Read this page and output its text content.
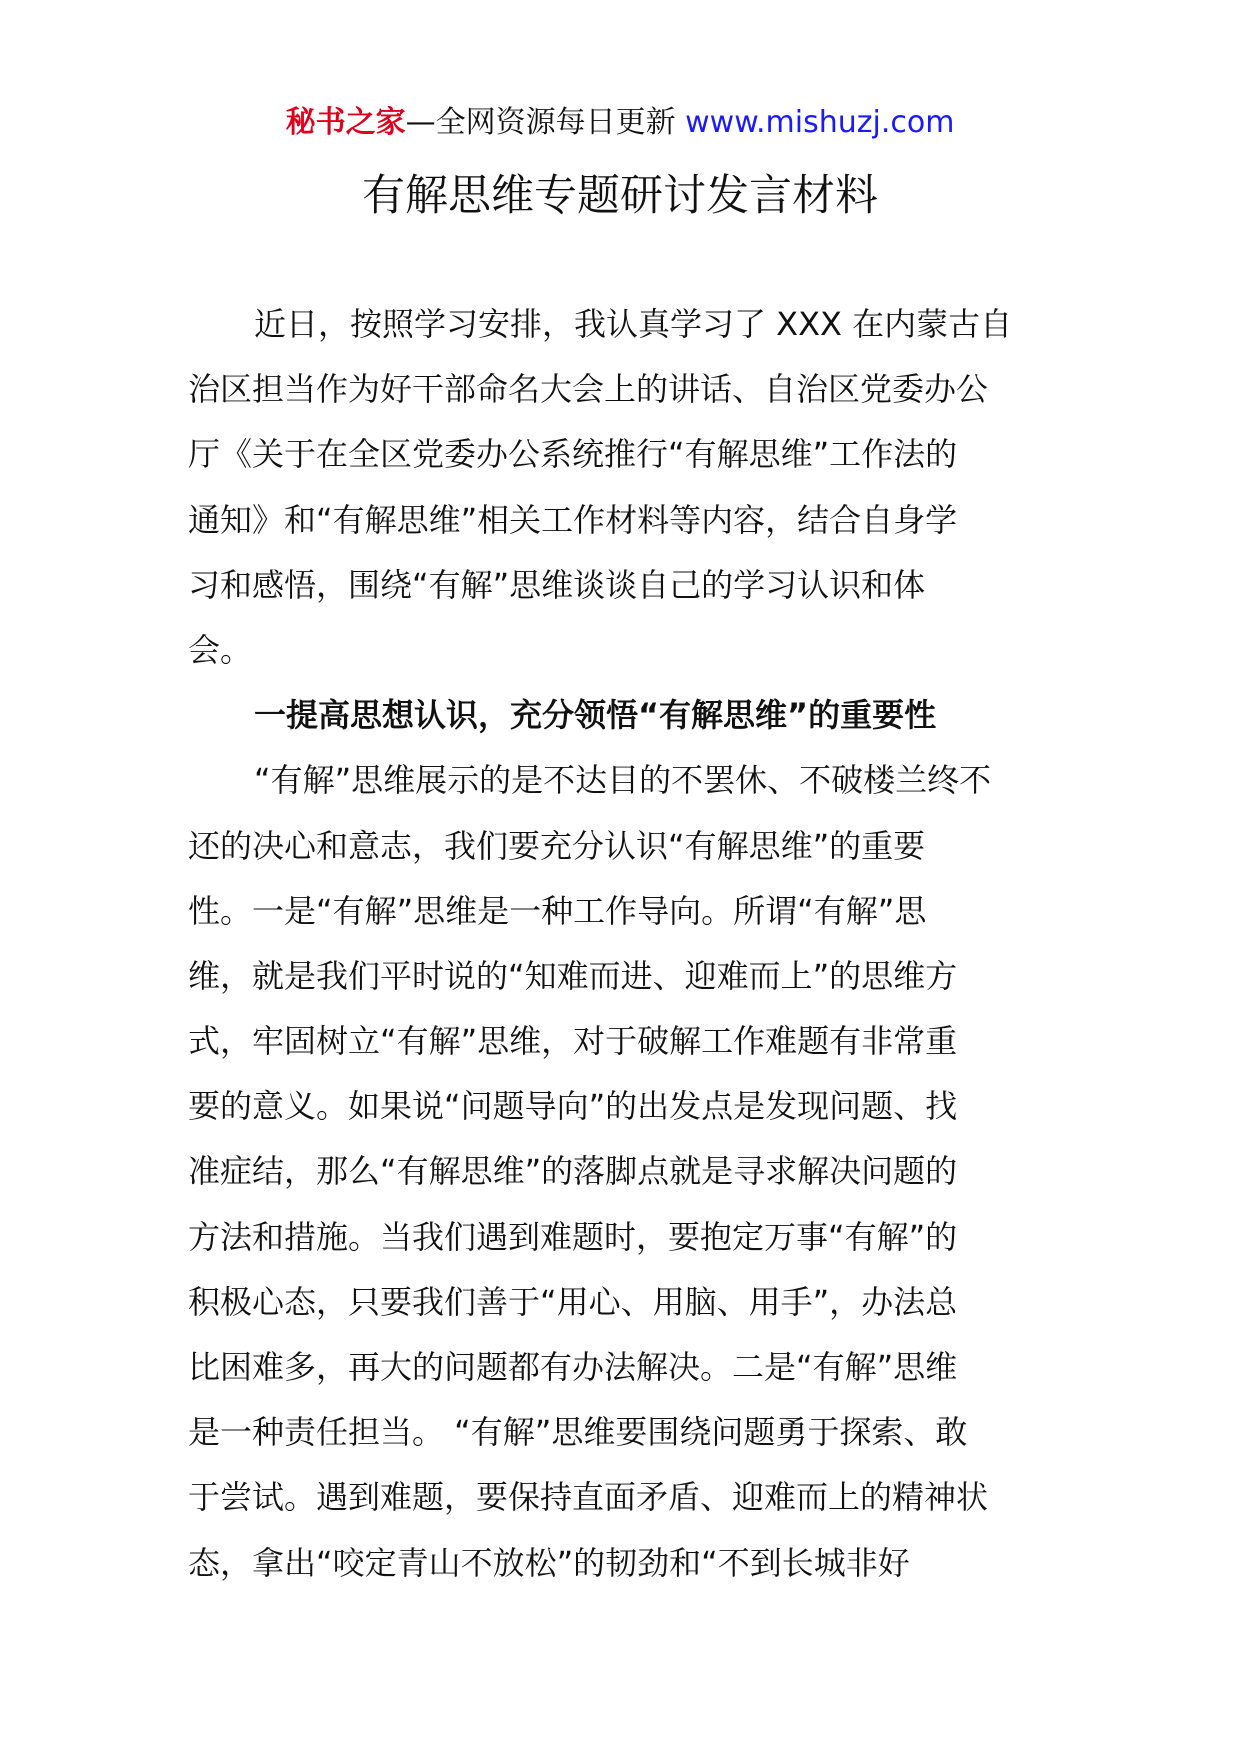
秘书之家—全网资源每日更新 www.mishuzj.com
有解思维专题研讨发言材料
近日，按照学习安排，我认真学习了 XXX 在内蒙古自
治区担当作为好干部命名大会上的讲话、自治区党委办公
厅《关于在全区党委办公系统推行“有解思维”工作法的
通知》和“有解思维”相关工作材料等内容，结合自身学
习和感悟，围绕“有解”思维谈谈自己的学习认识和体
会。
一提高思想认识，充分领悟“有解思维”的重要性
“有解”思维展示的是不达目的不罢休、不破楼兰终不
还的决心和意志，我们要充分认识“有解思维”的重要
性。一是“有解”思维是一种工作导向。所谓“有解”思
维，就是我们平时说的“知难而进、迎难而上”的思维方
式，牢固树立“有解”思维，对于破解工作难题有非常重
要的意义。如果说“问题导向”的出发点是发现问题、找
准症结，那么“有解思维”的落脚点就是寻求解决问题的
方法和措施。当我们遇到难题时，要抱定万事“有解”的
积极心态，只要我们善于“用心、用脑、用手”，办法总
比困难多，再大的问题都有办法解决。二是“有解”思维
是一种责任担当。 “有解”思维要围绕问题勇于探索、敢
于尝试。遇到难题，要保持直面矛盾、迎难而上的精神状
态，拿出“咬定青山不放松”的韧劲和“不到长城非好
